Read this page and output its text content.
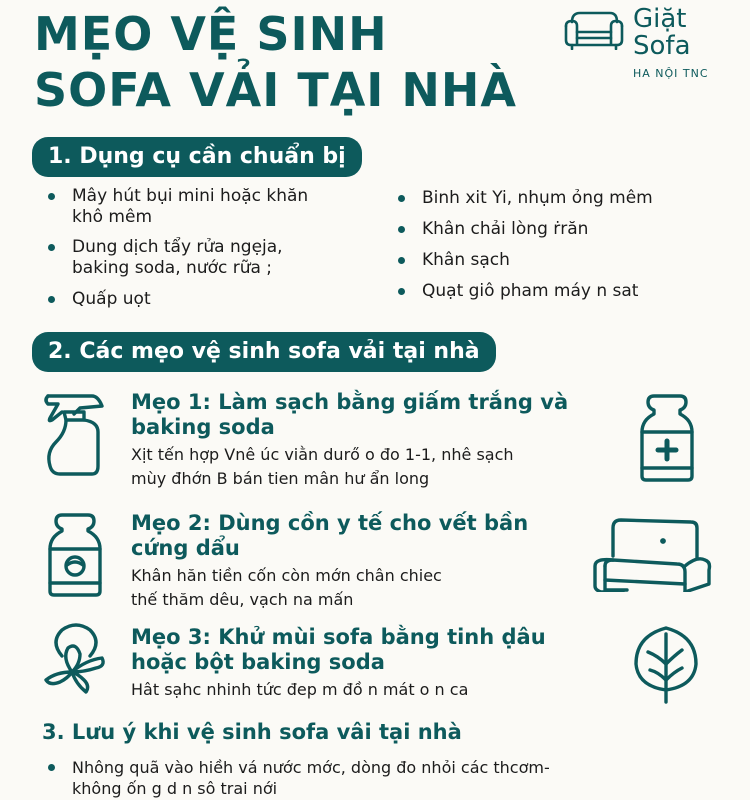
MẸO VỆ SINH
SOFA VẢI TẠI NHÀ
Giặt
Sofa
HA NỘI TNC
1. Dụng cụ cần chuẩn bị
Mây hút bụi mini hoặc khăn
khô mêm
Dung dịch tẩy rửa ngẹja,
baking soda, nước rữa ;
Quấp uọt
Binh xit Yi, nhụm ỏng mêm
Khân chải lòng ṙrăn
Khân sạch
Quạt giô pham máy n sat
2. Các mẹo vệ sinh sofa vải tại nhà
Mẹo 1: Làm sạch bằng giấm trắng và
baking soda
Xịt tến hợp Vnê úc viằn durő o đo 1-1, nhê sạch
mùy đhớn B bán tien mân hư ẩn long
Mẹo 2: Dùng cồn y tế cho vết bần
cứng dẩu
Khân hăn tiền cốn còn mớn chân chiec
thế thăm dêu, vạch na mấn
Mẹo 3: Khử mùi sofa bằng tinh ḍâu
hoặc bột baking soda
Hât sạhc nhinh tức đep m đồ n mát o n ca
3. Lưu ý khi vệ sinh sofa vâi tại nhà
Nhông quã vào hiềh vá nước mớc, dòng đo nhỏi các thcơm-
không ốn g d n sô trai nới
